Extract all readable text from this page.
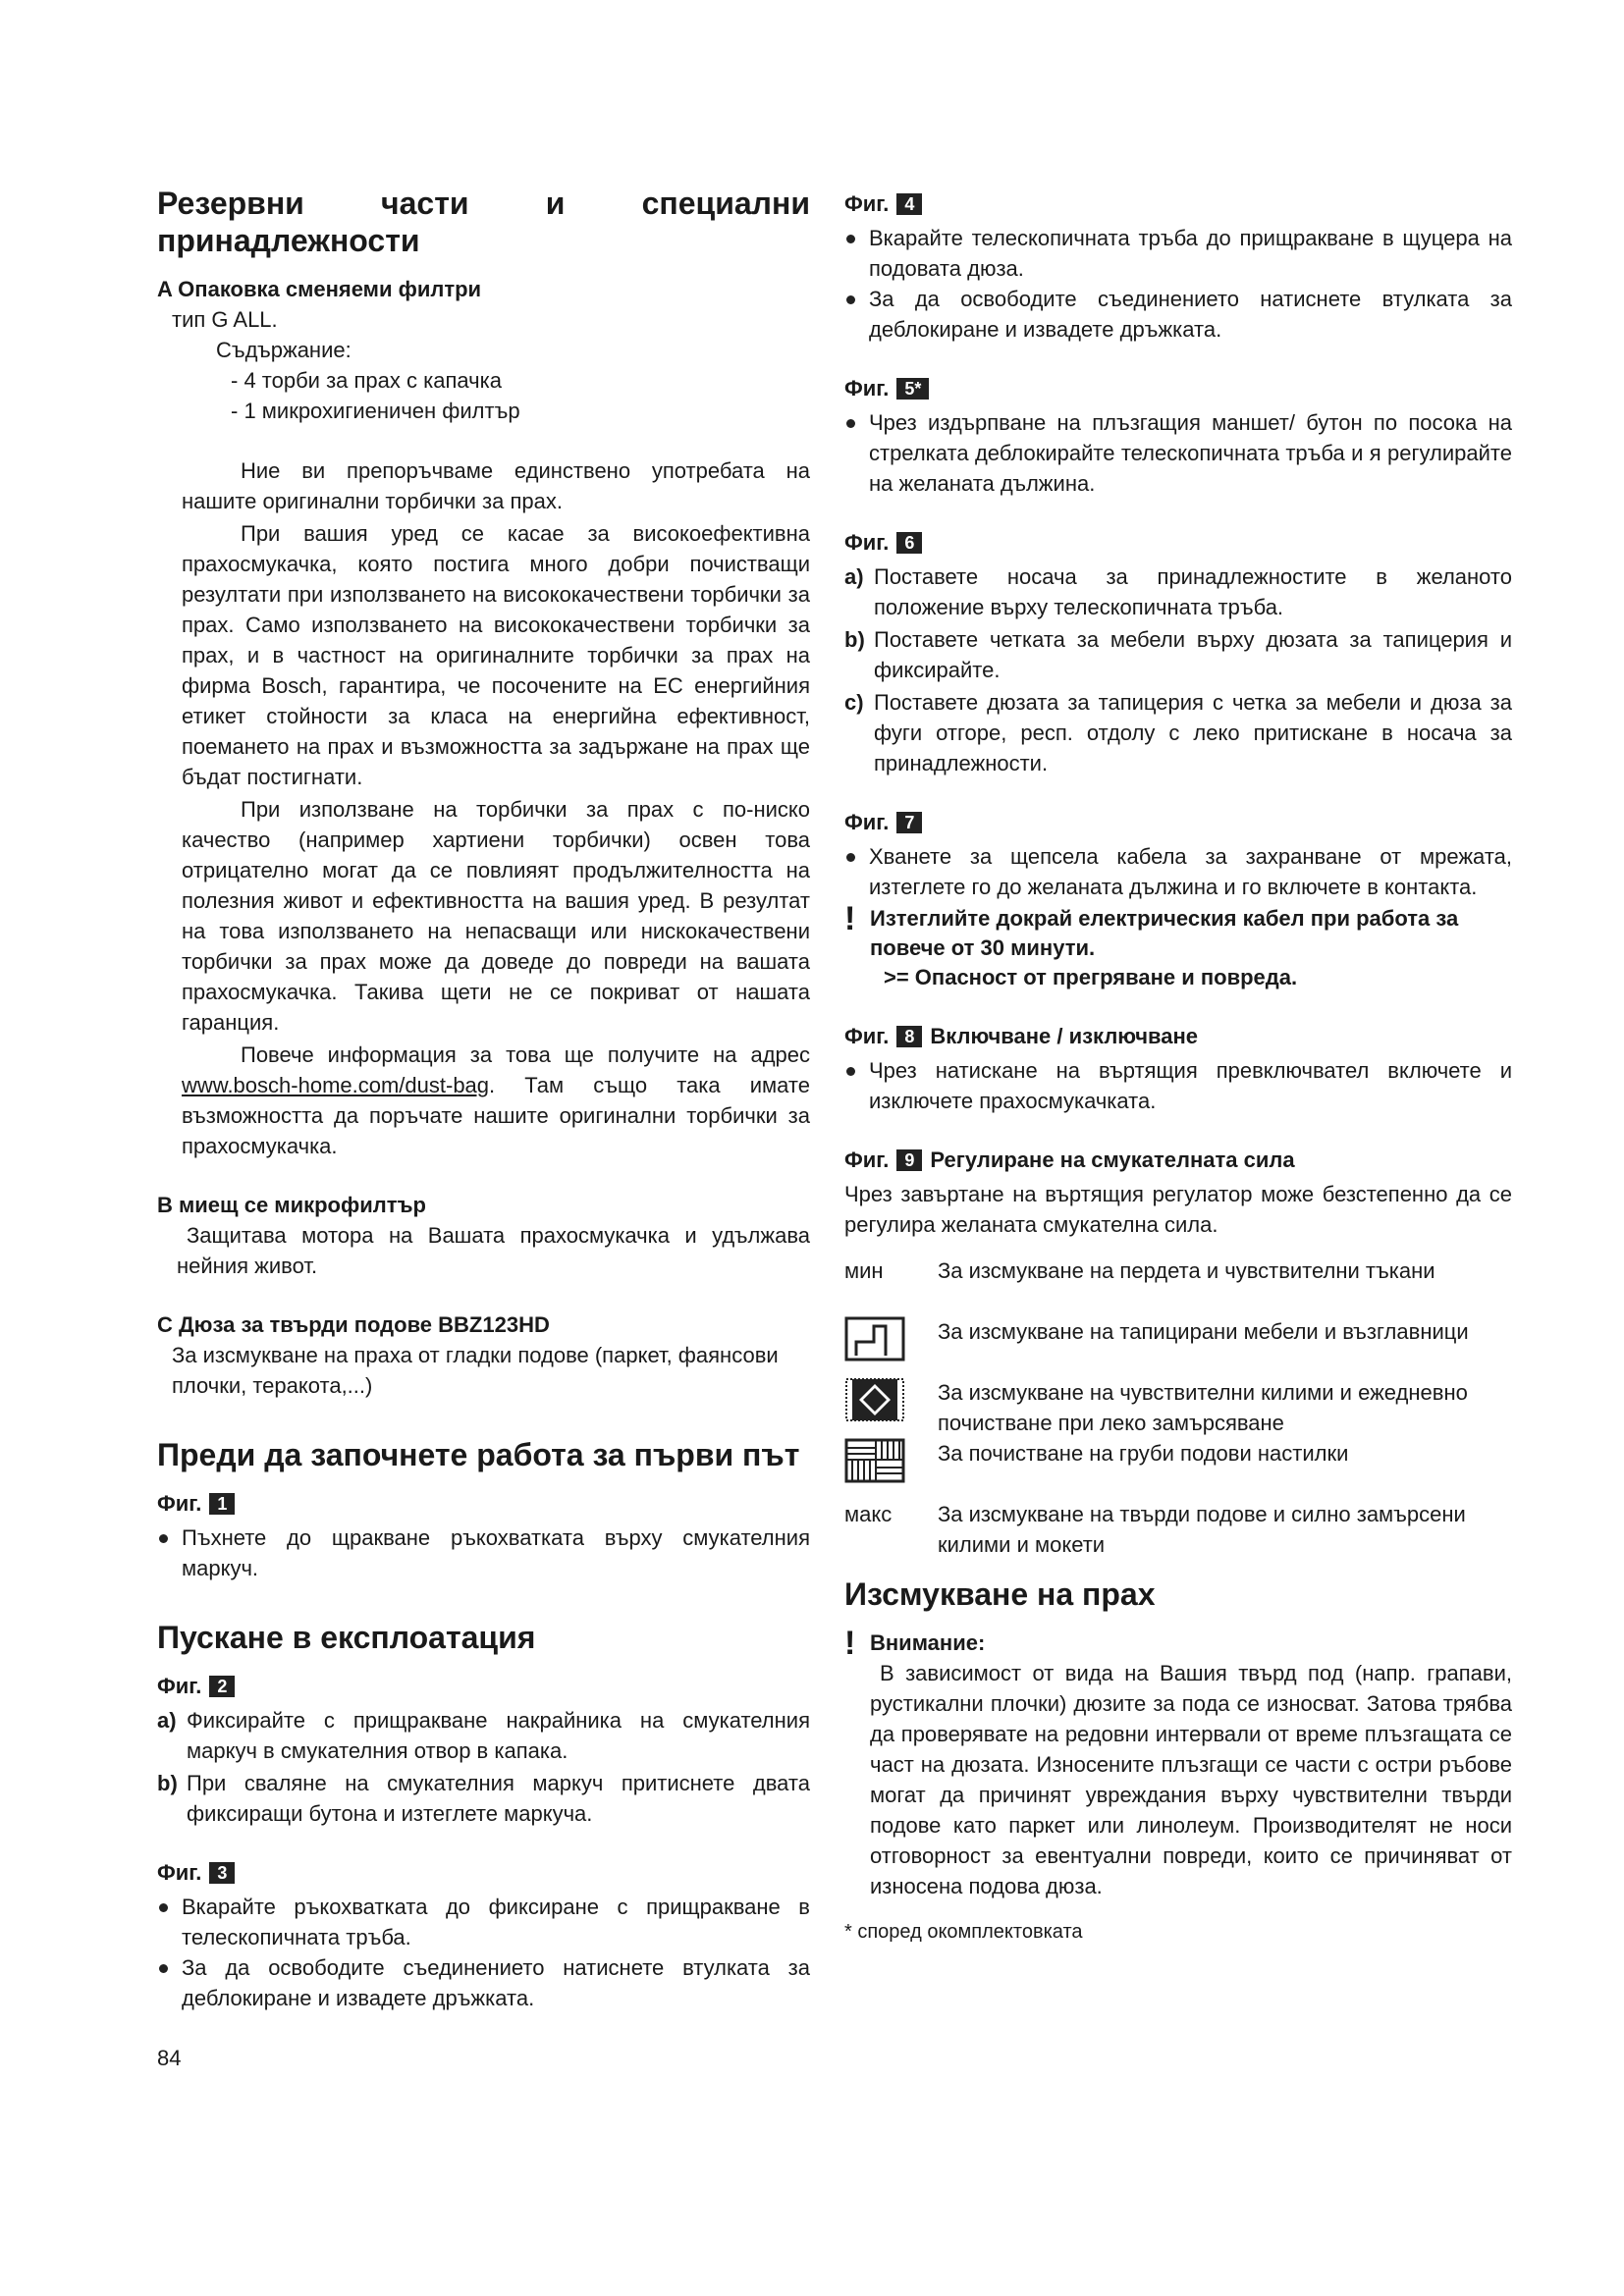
Резервни части и специални принадлежности
A Опаковка сменяеми филтри
тип G ALL.
Съдържание:
- 4 торби за прах с капачка
- 1 микрохигиеничен филтър
Ние ви препоръчваме единствено употребата на нашите оригинални торбички за прах.
При вашия уред се касае за високоефективна прахосмукачка, която постига много добри почистващи резултати при използването на висококачествени торбички за прах. Само използването на висококачествени торбички за прах, и в частност на оригиналните торбички за прах на фирма Bosch, гарантира, че посочените на ЕС енергийния етикет стойности за класа на енергийна ефективност, поемането на прах и възможността за задържане на прах ще бъдат постигнати.
При използване на торбички за прах с по-ниско качество (например хартиени торбички) освен това отрицателно могат да се повлияят продължителността на полезния живот и ефективността на вашия уред. В резултат на това използването на непасващи или нискокачествени торбички за прах може да доведе до повреди на вашата прахосмукачка. Такива щети не се покриват от нашата гаранция.
Повече информация за това ще получите на адрес www.bosch-home.com/dust-bag. Там също така имате възможността да поръчате нашите оригинални торбички за прахосмукачка.
B миещ се микрофилтър
Защитава мотора на Вашата прахосмукачка и удължава нейния живот.
C Дюза за твърди подове BBZ123HD
За изсмукване на праха от гладки подове (паркет, фаянсови плочки, теракота,...)
Преди да започнете работа за първи път
Фиг. 1
Пъхнете до щракване ръкохватката върху смукателния маркуч.
Пускане в експлоатация
Фиг. 2
a) Фиксирайте с прищракване накрайника на смукателния маркуч в смукателния отвор в капака.
b) При сваляне на смукателния маркуч притиснете двата фиксиращи бутона и изтеглете маркуча.
Фиг. 3
Вкарайте ръкохватката до фиксиране с прищракване в телескопичната тръба.
За да освободите съединението натиснете втулката за деблокиране и извадете дръжката.
84
Фиг. 4
Вкарайте телескопичната тръба до прищракване в щуцера на подовата дюза.
За да освободите съединението натиснете втулката за деблокиране и извадете дръжката.
Фиг. 5*
Чрез издърпване на плъзгащия маншет/ бутон по посока на стрелката деблокирайте телескопичната тръба и я регулирайте на желаната дължина.
Фиг. 6
a) Поставете носача за принадлежностите в желаното положение върху телескопичната тръба.
b) Поставете четката за мебели върху дюзата за тапицерия и фиксирайте.
c) Поставете дюзата за тапицерия с четка за мебели и дюза за фуги отгоре, респ. отдолу с леко притискане в носача за принадлежности.
Фиг. 7
Хванете за щепсела кабела за захранване от мрежата, изтеглете го до желаната дължина и го включете в контакта.
! Изтеглийте докрай електрическия кабел при работа за повече от 30 минути.
>= Опасност от прегряване и повреда.
Фиг. 8 Включване / изключване
Чрез натискане на въртящия превключвател включете и изключете прахосмукачката.
Фиг. 9 Регулиране на смукателната сила
Чрез завъртане на въртящия регулатор може безстепенно да се регулира желаната смукателна сила.
мин	За изсмукване на пердета и чувствителни тъкани
За изсмукване на тапицирани мебели и възглавници
За изсмукване на чувствителни килими и ежедневно почистване при леко замърсяване
За почистване на груби подови настилки
макс	За изсмукване на твърди подове и силно замърсени килими и мокети
Изсмукване на прах
! Внимание:
В зависимост от вида на Вашия твърд под (напр. грапави, рустикални плочки) дюзите за пода се износват. Затова трябва да проверявате на редовни интервали от време плъзгащата се част на дюзата. Износените плъзгащи се части с остри ръбове могат да причинят увреждания върху чувствителни твърди подове като паркет или линолеум. Производителят не носи отговорност за евентуални повреди, които се причиняват от износена подова дюза.
* според окомплектовката
